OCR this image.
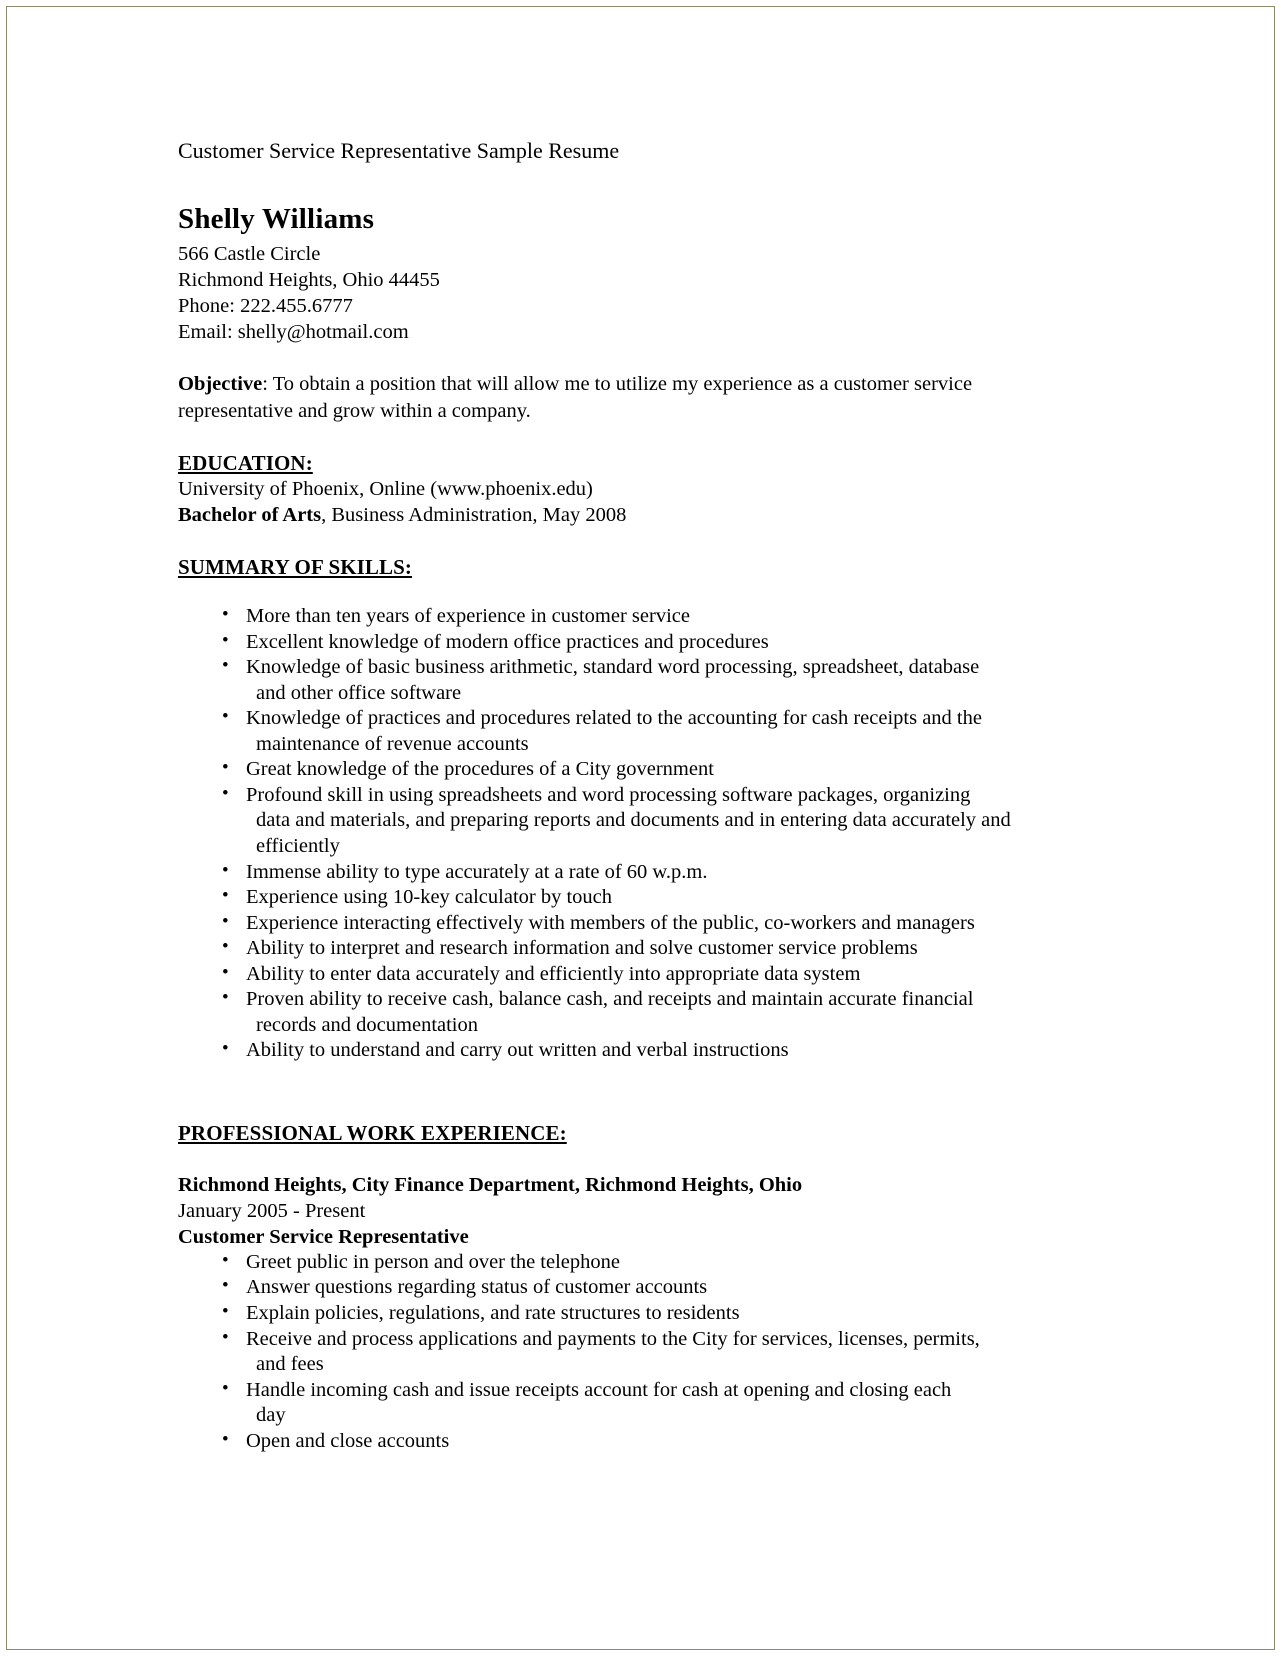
Customer Service Representative Sample Resume
Shelly Williams
566 Castle Circle
Richmond Heights, Ohio 44455
Phone: 222.455.6777
Email: shelly@hotmail.com

Objective: To obtain a position that will allow me to utilize my experience as a customer service representative and grow within a company.

EDUCATION:
University of Phoenix, Online (www.phoenix.edu)
Bachelor of Arts, Business Administration, May 2008
SUMMARY OF SKILLS:
• More than ten years of experience in customer service
• Excellent knowledge of modern office practices and procedures
• Knowledge of basic business arithmetic, standard word processing, spreadsheet, database
and other office software
• Knowledge of practices and procedures related to the accounting for cash receipts and the
maintenance of revenue accounts
• Great knowledge of the procedures of a City government
• Profound skill in using spreadsheets and word processing software packages, organizing
data and materials, and preparing reports and documents and in entering data accurately and efficiently
• Immense ability to type accurately at a rate of 60 w.p.m.
• Experience using 10-key calculator by touch
• Experience interacting effectively with members of the public, co-workers and managers
• Ability to interpret and research information and solve customer service problems
• Ability to enter data accurately and efficiently into appropriate data system
• Proven ability to receive cash, balance cash, and receipts and maintain accurate financial
records and documentation
• Ability to understand and carry out written and verbal instructions
PROFESSIONAL WORK EXPERIENCE:
Richmond Heights, City Finance Department, Richmond Heights, Ohio
January 2005 - Present
Customer Service Representative
• Greet public in person and over the telephone
• Answer questions regarding status of customer accounts
• Explain policies, regulations, and rate structures to residents
• Receive and process applications and payments to the City for services, licenses, permits,
and fees
• Handle incoming cash and issue receipts account for cash at opening and closing each
day
• Open and close accounts
